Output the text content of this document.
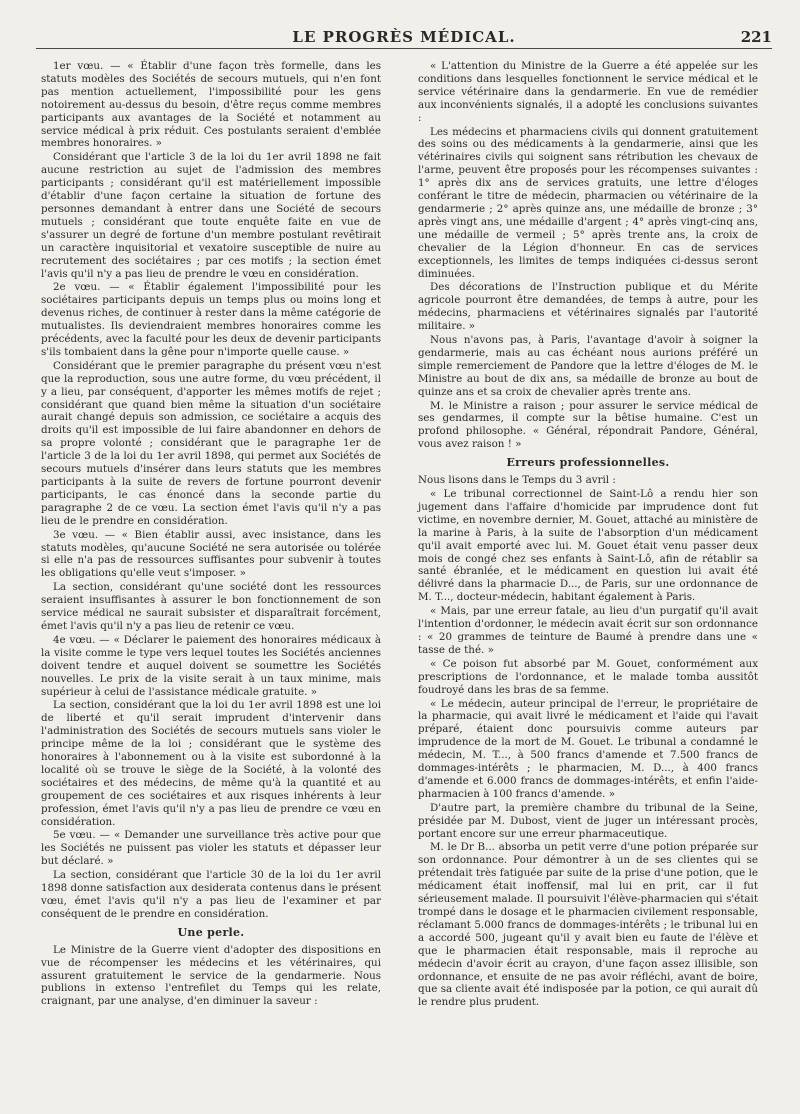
LE PROGRÈS MÉDICAL.	221

1er vœu. — « Établir d'une façon très formelle, dans les statuts modèles des Sociétés de secours mutuels, qui n'en font pas mention actuellement, l'impossibilité pour les gens notoirement au-dessus du besoin, d'être reçus comme membres participants aux avantages de la Société et notamment au service médical à prix réduit. Ces postulants seraient d'emblée membres honoraires. »

Considérant que l'article 3 de la loi du 1er avril 1898 ne fait aucune restriction au sujet de l'admission des membres participants ; considérant qu'il est matériellement impossible d'établir d'une façon certaine la situation de fortune des personnes demandant à entrer dans une Société de secours mutuels ; considérant que toute enquête faite en vue de s'assurer un degré de fortune d'un membre postulant revêtirait un caractère inquisitorial et vexatoire susceptible de nuire au recrutement des sociétaires ; par ces motifs ; la section émet l'avis qu'il n'y a pas lieu de prendre le vœu en considération.

2e vœu. — « Établir également l'impossibilité pour les sociétaires participants depuis un temps plus ou moins long et devenus riches, de continuer à rester dans la même catégorie de mutualistes. Ils deviendraient membres honoraires comme les précédents, avec la faculté pour les deux de devenir participants s'ils tombaient dans la gêne pour n'importe quelle cause. »

Considérant que le premier paragraphe du présent vœu n'est que la reproduction, sous une autre forme, du vœu précédent, il y a lieu, par conséquent, d'apporter les mêmes motifs de rejet ; considérant que quand bien même la situation d'un sociétaire aurait changé depuis son admission, ce sociétaire a acquis des droits qu'il est impossible de lui faire abandonner en dehors de sa propre volonté ; considérant que le paragraphe 1er de l'article 3 de la loi du 1er avril 1898, qui permet aux Sociétés de secours mutuels d'insérer dans leurs statuts que les membres participants à la suite de revers de fortune pourront devenir participants, le cas énoncé dans la seconde partie du paragraphe 2 de ce vœu. La section émet l'avis qu'il n'y a pas lieu de le prendre en considération.

3e vœu. — « Bien établir aussi, avec insistance, dans les statuts modèles, qu'aucune Société ne sera autorisée ou tolérée si elle n'a pas de ressources suffisantes pour subvenir à toutes les obligations qu'elle veut s'imposer. »

La section, considérant qu'une société dont les ressources seraient insuffisantes à assurer le bon fonctionnement de son service médical ne saurait subsister et disparaîtrait forcément, émet l'avis qu'il n'y a pas lieu de retenir ce vœu.

4e vœu. — « Déclarer le paiement des honoraires médicaux à la visite comme le type vers lequel toutes les Sociétés anciennes doivent tendre et auquel doivent se soumettre les Sociétés nouvelles. Le prix de la visite serait à un taux minime, mais supérieur à celui de l'assistance médicale gratuite. »

La section, considérant que la loi du 1er avril 1898 est une loi de liberté et qu'il serait imprudent d'intervenir dans l'administration des Sociétés de secours mutuels sans violer le principe même de la loi ; considérant que le système des honoraires à l'abonnement ou à la visite est subordonné à la localité où se trouve le siège de la Société, à la volonté des sociétaires et des médecins, de même qu'à la quantité et au groupement de ces sociétaires et aux risques inhérents à leur profession, émet l'avis qu'il n'y a pas lieu de prendre ce vœu en considération.

5e vœu. — « Demander une surveillance très active pour que les Sociétés ne puissent pas violer les statuts et dépasser leur but déclaré. »

La section, considérant que l'article 30 de la loi du 1er avril 1898 donne satisfaction aux desiderata contenus dans le présent vœu, émet l'avis qu'il n'y a pas lieu de l'examiner et par conséquent de le prendre en considération.

Une perle.

Le Ministre de la Guerre vient d'adopter des dispositions en vue de récompenser les médecins et les vétérinaires, qui assurent gratuitement le service de la gendarmerie. Nous publions in extenso l'entrefilet du Temps qui les relate, craignant, par une analyse, d'en diminuer la saveur :

« L'attention du Ministre de la Guerre a été appelée sur les conditions dans lesquelles fonctionnent le service médical et le service vétérinaire dans la gendarmerie. En vue de remédier aux inconvénients signalés, il a adopté les conclusions suivantes :

Les médecins et pharmaciens civils qui donnent gratuitement des soins ou des médicaments à la gendarmerie, ainsi que les vétérinaires civils qui soignent sans rétribution les chevaux de l'arme, peuvent être proposés pour les récompenses suivantes : 1° après dix ans de services gratuits, une lettre d'éloges conférant le titre de médecin, pharmacien ou vétérinaire de la gendarmerie ; 2° après quinze ans, une médaille de bronze ; 3° après vingt ans, une médaille d'argent ; 4° après vingt-cinq ans, une médaille de vermeil ; 5° après trente ans, la croix de chevalier de la Légion d'honneur. En cas de services exceptionnels, les limites de temps indiquées ci-dessus seront diminuées.

Des décorations de l'Instruction publique et du Mérite agricole pourront être demandées, de temps à autre, pour les médecins, pharmaciens et vétérinaires signalés par l'autorité militaire. »

Nous n'avons pas, à Paris, l'avantage d'avoir à soigner la gendarmerie, mais au cas échéant nous aurions préféré un simple remerciement de Pandore que la lettre d'éloges de M. le Ministre au bout de dix ans, sa médaille de bronze au bout de quinze ans et sa croix de chevalier après trente ans.

M. le Ministre a raison ; pour assurer le service médical de ses gendarmes, il compte sur la bêtise humaine. C'est un profond philosophe. « Général, répondrait Pandore, Général, vous avez raison ! »

Erreurs professionnelles.

Nous lisons dans le Temps du 3 avril :

« Le tribunal correctionnel de Saint-Lô a rendu hier son jugement dans l'affaire d'homicide par imprudence dont fut victime, en novembre dernier, M. Gouet, attaché au ministère de la marine à Paris, à la suite de l'absorption d'un médicament qu'il avait emporté avec lui. M. Gouet était venu passer deux mois de congé chez ses enfants à Saint-Lô, afin de rétablir sa santé ébranlée, et le médicament en question lui avait été délivré dans la pharmacie D..., de Paris, sur une ordonnance de M. T..., docteur-médecin, habitant également à Paris.

« Mais, par une erreur fatale, au lieu d'un purgatif qu'il avait l'intention d'ordonner, le médecin avait écrit sur son ordonnance : « 20 grammes de teinture de Baumé à prendre dans une « tasse de thé. »

« Ce poison fut absorbé par M. Gouet, conformément aux prescriptions de l'ordonnance, et le malade tomba aussitôt foudroyé dans les bras de sa femme.

« Le médecin, auteur principal de l'erreur, le propriétaire de la pharmacie, qui avait livré le médicament et l'aide qui l'avait préparé, étaient donc poursuivis comme auteurs par imprudence de la mort de M. Gouet. Le tribunal a condamné le médecin, M. T..., à 500 francs d'amende et 7.500 francs de dommages-intérêts ; le pharmacien, M. D..., à 400 francs d'amende et 6.000 francs de dommages-intérêts, et enfin l'aide-pharmacien à 100 francs d'amende. »

D'autre part, la première chambre du tribunal de la Seine, présidée par M. Dubost, vient de juger un intéressant procès, portant encore sur une erreur pharmaceutique.

M. le Dr B... absorba un petit verre d'une potion préparée sur son ordonnance. Pour démontrer à un de ses clientes qui se prétendait très fatiguée par suite de la prise d'une potion, que le médicament était inoffensif, mal lui en prit, car il fut sérieusement malade. Il poursuivit l'élève-pharmacien qui s'était trompé dans le dosage et le pharmacien civilement responsable, réclamant 5.000 francs de dommages-intérêts ; le tribunal lui en a accordé 500, jugeant qu'il y avait bien eu faute de l'élève et que le pharmacien était responsable, mais il reproche au médecin d'avoir écrit au crayon, d'une façon assez illisible, son ordonnance, et ensuite de ne pas avoir réfléchi, avant de boire, que sa cliente avait été indisposée par la potion, ce qui aurait dû le rendre plus prudent.
